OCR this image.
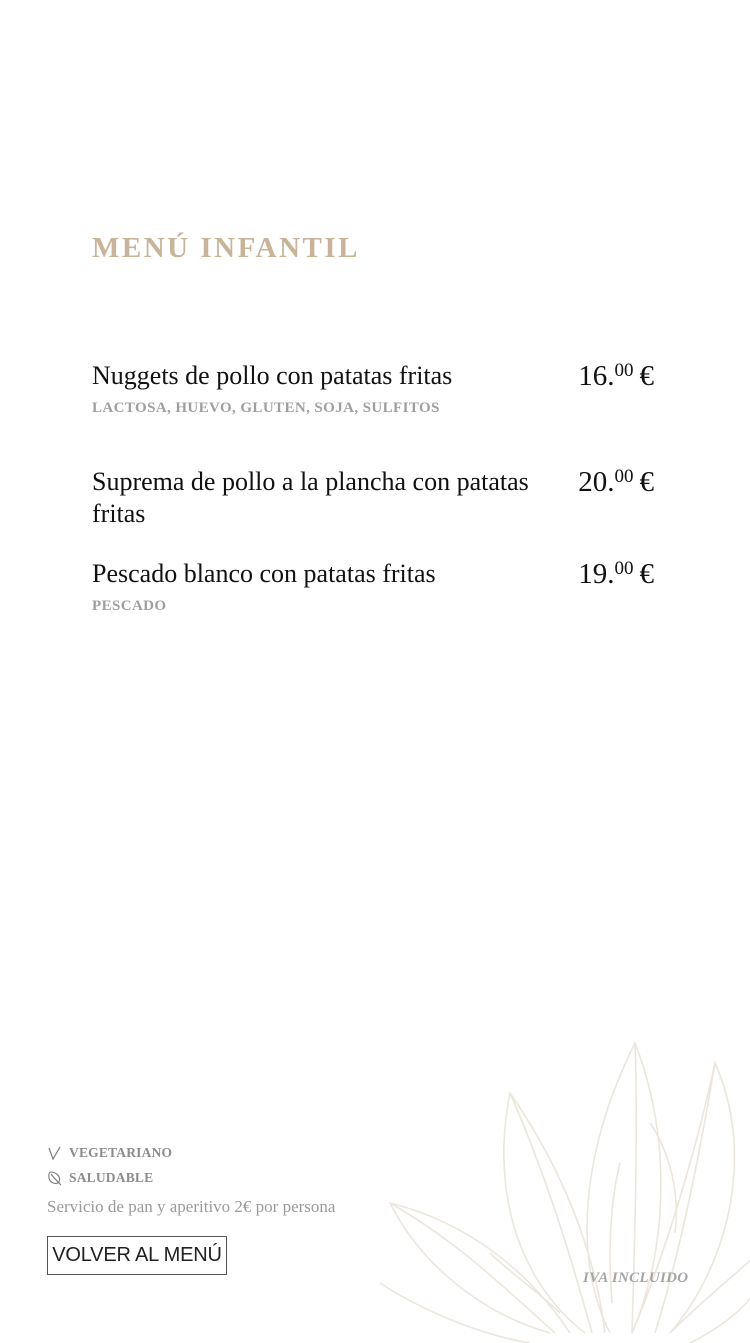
MENÚ INFANTIL
Nuggets de pollo con patatas fritas	16.00 €
LACTOSA, HUEVO, GLUTEN, SOJA, SULFITOS
Suprema de pollo a la plancha con patatas fritas
20.00 €
Pescado blanco con patatas fritas	19.00 €
PESCADO
VEGETARIANO
SALUDABLE

Servicio de pan y aperitivo 2€ por persona

VOLVER AL MENÚ
IVA INCLUIDO
